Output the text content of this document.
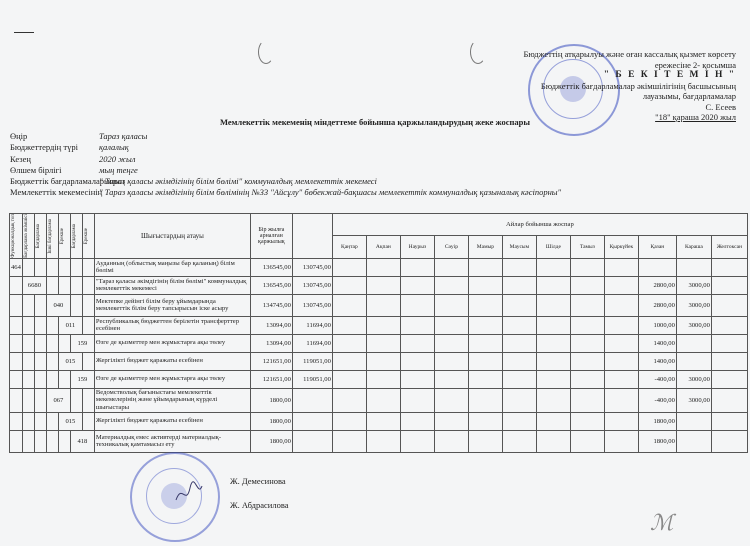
Бюджеттің атқарылуы және оған кассалық қызмет көрсету
ережесіне 2- қосымша
" Б Е К І Т Е М І Н "
Бюджеттік бағдарламалар әкімшілігінің басшысының
лауазымы, бағдарламалар
С. Есеев
"18" қараша 2020 жыл
Мемлекеттік мекеменің міндеттеме бойынша қаржыландырудың жеке жоспары
Өңір	Тараз қаласы
Бюджеттердің түрі қалалық
Кезең	2020 жыл
Өлшем бірлігі	мың теңге
Бюджеттік бағдарламаларының" Тараз қаласы әкімдігінің білім бөлімі" коммуналдық мемлекеттік мекемесі
Мемлекеттік мекемесінің" Тараз қаласы әкімдігінің білім бөлімінің №33 "Айсұлу" бөбекжай-бақшасы мемлекеттік коммуналдық қазыналық кәсіпорны"
Функционалдық топ	Бағдарлама әкімшісі	Бағдарлама	Ішкі бағдарлама	Ерекше	Бағдарлама	Ерекше	Шығыстардың атауы	Бір жылға арналған қаржылық		Айлар бойынша жоспар											
										Қаңтар	Ақпан	Наурыз	Сәуір	Мамыр	Маусым	Шілде	Тамыз	Қыркүйек	Қазан	Караша	Желтоксан
464							Ауданның (облыстық маңызы бар қаланың) білім бөлімі	136545,00	130745,00												
	6680						"Тараз қаласы әкімдігінің білім бөлімі" коммуналдық мемлекеттік мекемесі	136545,00	130745,00										2800,00	3000,00	
			040				Мектепке дейінгі білім беру ұйымдарында мемлекеттік білім беру тапсырысын іске асыру	134745,00	130745,00										2800,00	3000,00	
				011			Республикалық бюджеттен берілетін трансферттер есебінен	13094,00	11694,00										1000,00	3000,00	
					159		Өзге де қызметтер мен жұмыстарға ақы төлеу	13094,00	11694,00										1400,00		
				015			Жергілікті бюджет қаражаты есебінен	121651,00	119051,00										1400,00		
					159		Өзге де қызметтер мен жұмыстарға ақы төлеу	121651,00	119051,00										-400,00	3000,00	
			067				Ведомстволық бағыныстағы мемлекеттік мекемелерінің және ұйымдарының күрделі шығыстары	1800,00											-400,00	3000,00	
				015			Жергілікті бюджет қаражаты есебінен	1800,00											1800,00		
					418		Материалдық емес активтерді материалдық-техникалық қамтамасыз ету	1800,00											1800,00		
Ж. Демесинова
Ж. Абдрасилова
ℳ
